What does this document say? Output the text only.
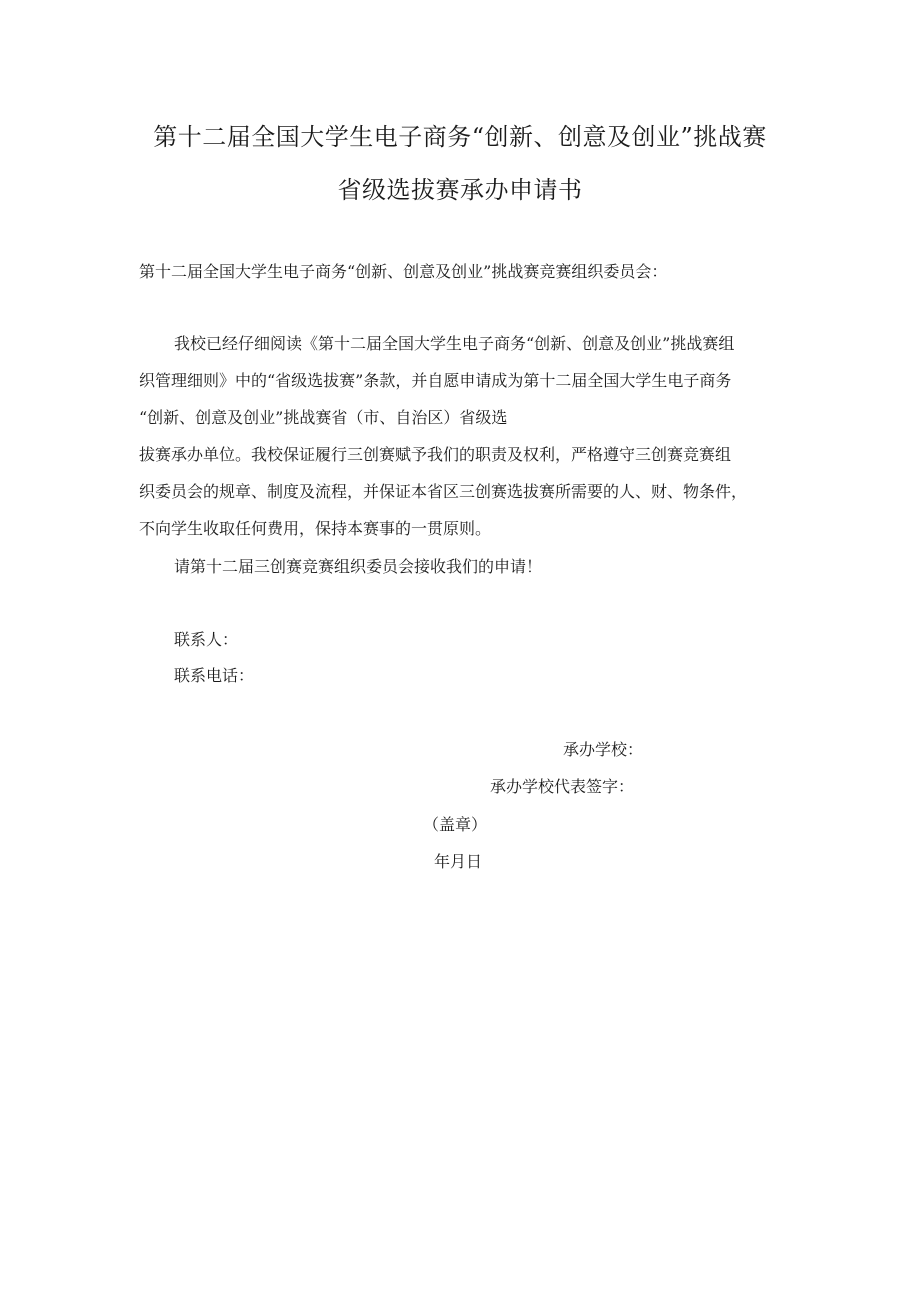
第十二届全国大学生电子商务“创新、创意及创业”挑战赛
省级选拔赛承办申请书
第十二届全国大学生电子商务“创新、创意及创业”挑战赛竞赛组织委员会：
我校已经仔细阅读《第十二届全国大学生电子商务“创新、创意及创业”挑战赛组
织管理细则》中的“省级选拔赛”条款，并自愿申请成为第十二届全国大学生电子商务
“创新、创意及创业”挑战赛省（市、自治区）省级选
拔赛承办单位。我校保证履行三创赛赋予我们的职责及权利，严格遵守三创赛竞赛组
织委员会的规章、制度及流程，并保证本省区三创赛选拔赛所需要的人、财、物条件，
不向学生收取任何费用，保持本赛事的一贯原则。
请第十二届三创赛竞赛组织委员会接收我们的申请！
联系人：
联系电话：
承办学校：
承办学校代表签字：
（盖章）
年月日
